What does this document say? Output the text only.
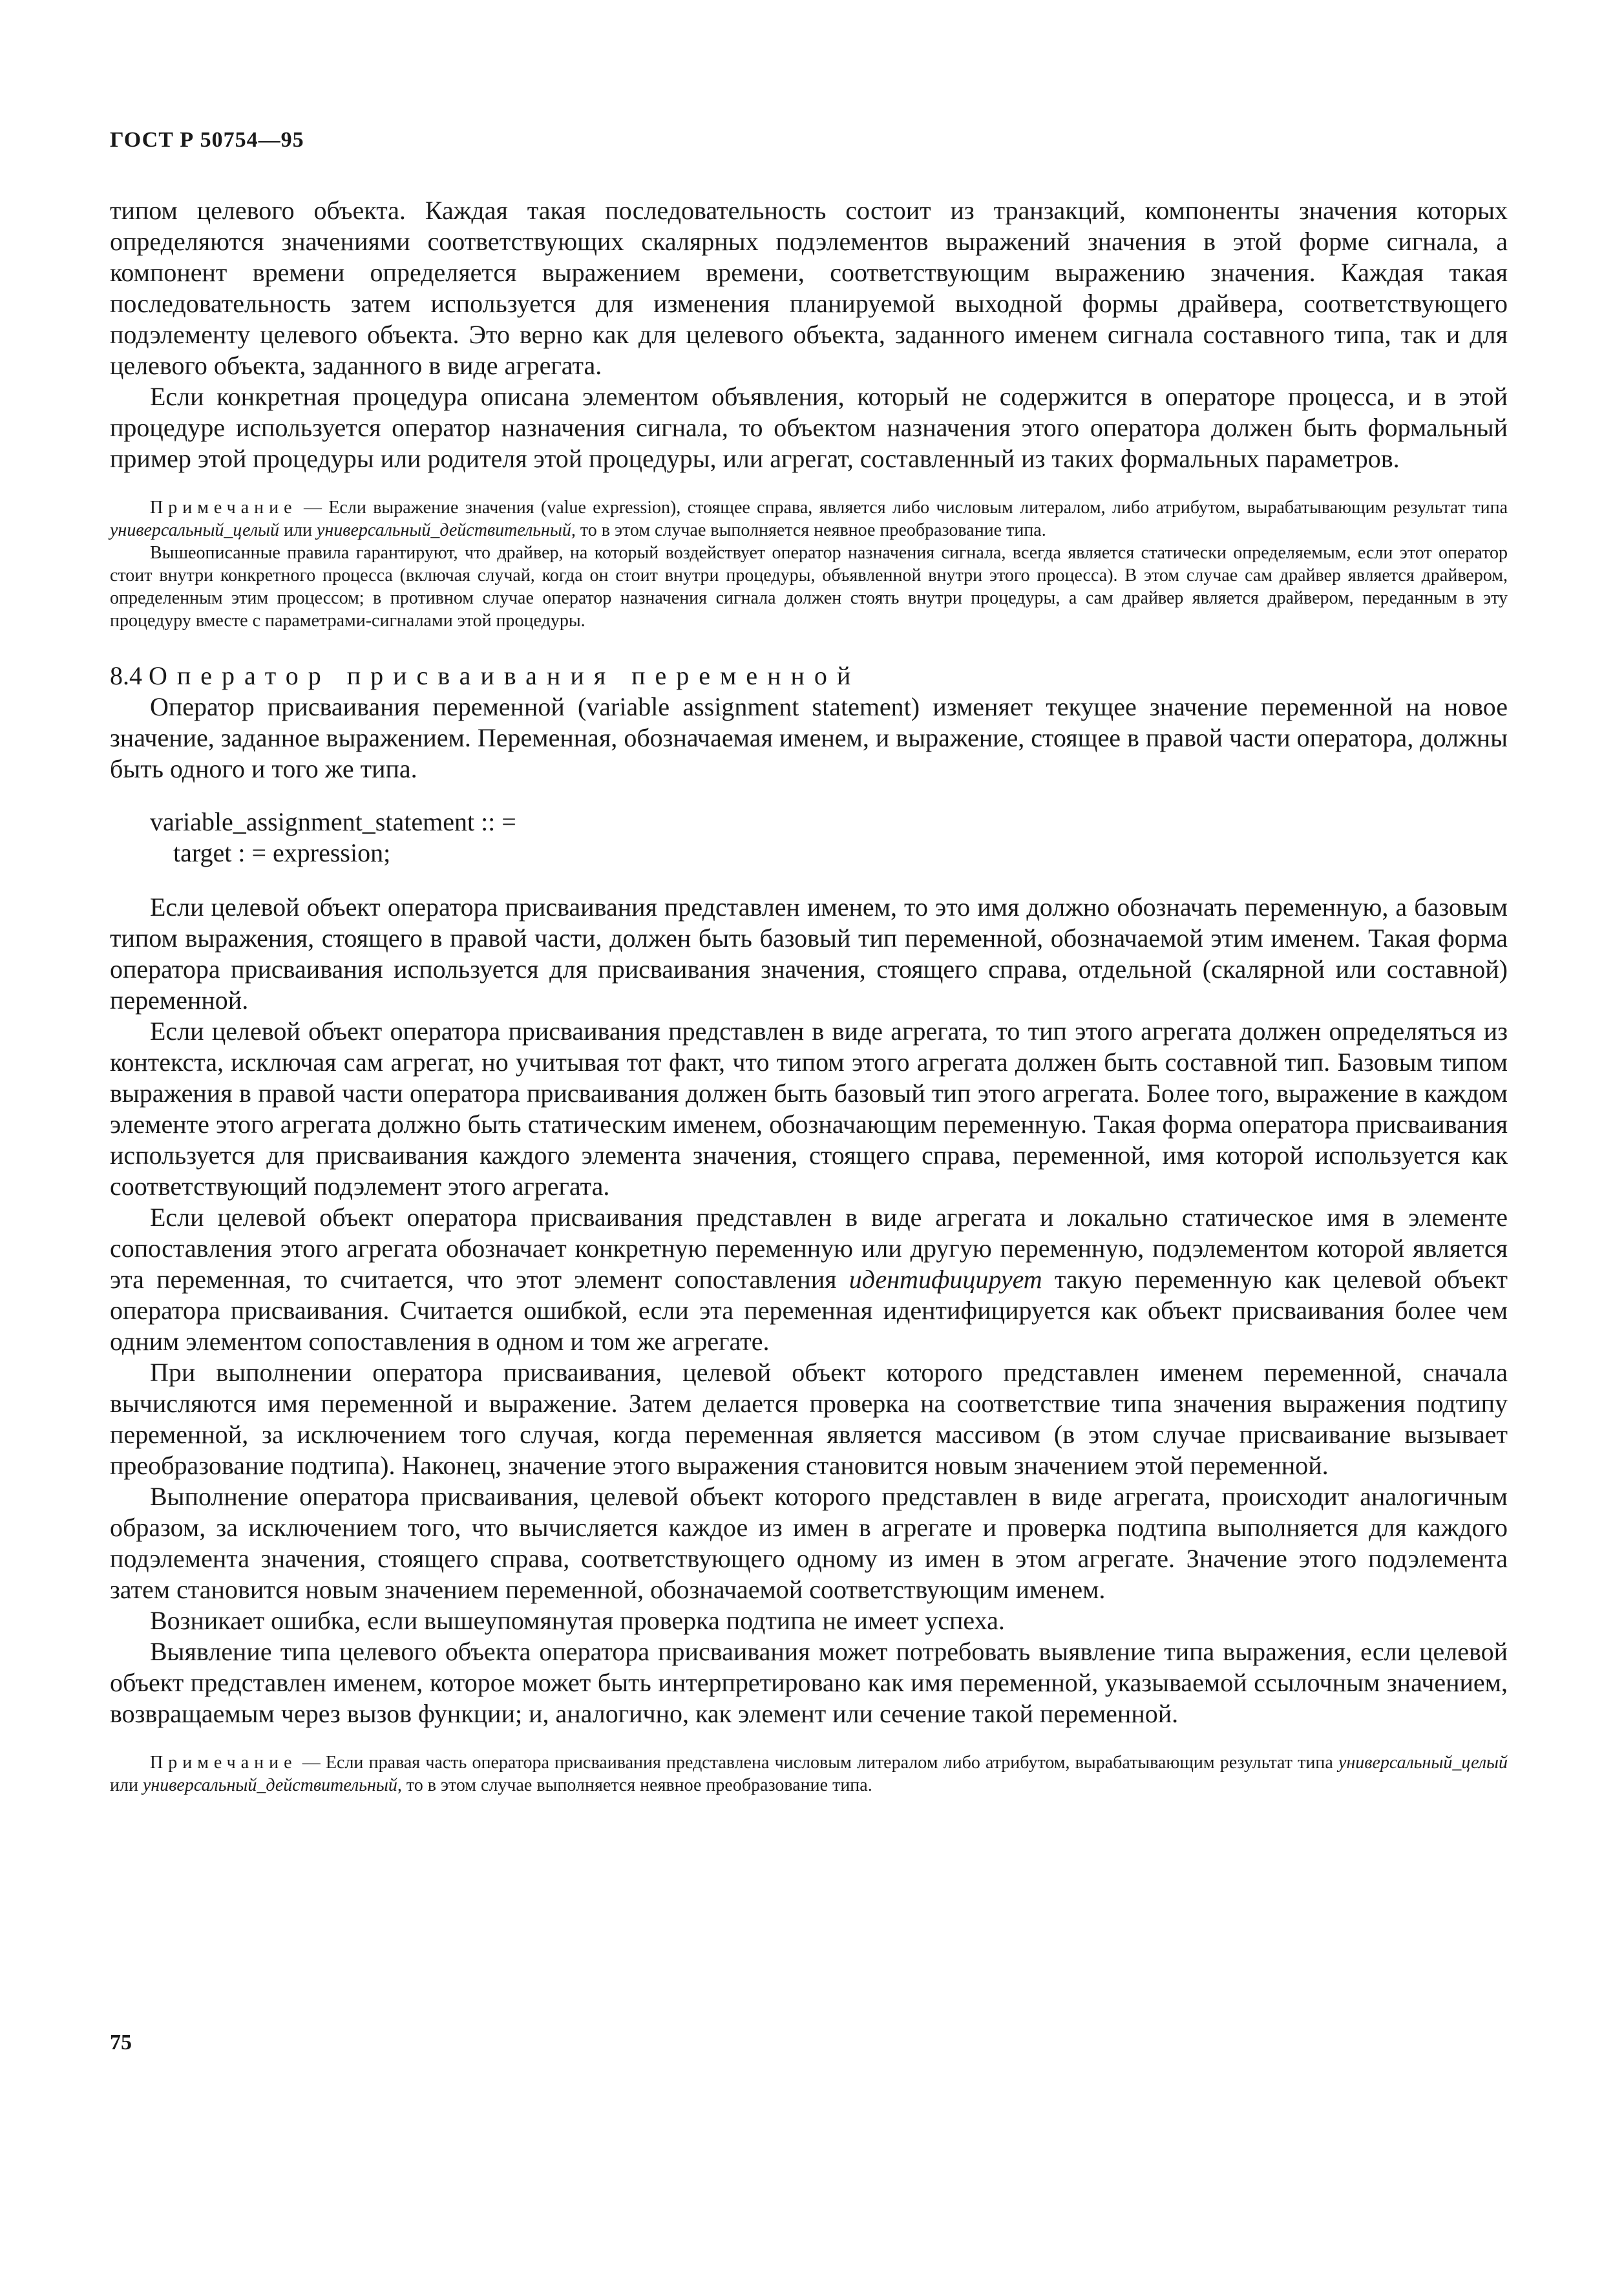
ГОСТ Р 50754—95

типом целевого объекта. Каждая такая последовательность состоит из транзакций, компоненты значения которых определяются значениями соответствующих скалярных подэлементов выражений значения в этой форме сигнала, а компонент времени определяется выражением времени, соответствующим выражению значения. Каждая такая последовательность затем используется для изменения планируемой выходной формы драйвера, соответствующего подэлементу целевого объекта. Это верно как для целевого объекта, заданного именем сигнала составного типа, так и для целевого объекта, заданного в виде агрегата.

Если конкретная процедура описана элементом объявления, который не содержится в операторе процесса, и в этой процедуре используется оператор назначения сигнала, то объектом назначения этого оператора должен быть формальный пример этой процедуры или родителя этой процедуры, или агрегат, составленный из таких формальных параметров.

Примечание — Если выражение значения (value expression), стоящее справа, является либо числовым литералом, либо атрибутом, вырабатывающим результат типа универсальный_целый или универсальный_действительный, то в этом случае выполняется неявное преобразование типа.

Вышеописанные правила гарантируют, что драйвер, на который воздействует оператор назначения сигнала, всегда является статически определяемым, если этот оператор стоит внутри конкретного процесса (включая случай, когда он стоит внутри процедуры, объявленной внутри этого процесса). В этом случае сам драйвер является драйвером, определенным этим процессом; в противном случае оператор назначения сигнала должен стоять внутри процедуры, а сам драйвер является драйвером, переданным в эту процедуру вместе с параметрами-сигналами этой процедуры.

8.4 Оператор присваивания переменной

Оператор присваивания переменной (variable assignment statement) изменяет текущее значение переменной на новое значение, заданное выражением. Переменная, обозначаемая именем, и выражение, стоящее в правой части оператора, должны быть одного и того же типа.

variable_assignment_statement :: =
target : = expression;

Если целевой объект оператора присваивания представлен именем, то это имя должно обозначать переменную, а базовым типом выражения, стоящего в правой части, должен быть базовый тип переменной, обозначаемой этим именем. Такая форма оператора присваивания используется для присваивания значения, стоящего справа, отдельной (скалярной или составной) переменной.

Если целевой объект оператора присваивания представлен в виде агрегата, то тип этого агрегата должен определяться из контекста, исключая сам агрегат, но учитывая тот факт, что типом этого агрегата должен быть составной тип. Базовым типом выражения в правой части оператора присваивания должен быть базовый тип этого агрегата. Более того, выражение в каждом элементе этого агрегата должно быть статическим именем, обозначающим переменную. Такая форма оператора присваивания используется для присваивания каждого элемента значения, стоящего справа, переменной, имя которой используется как соответствующий подэлемент этого агрегата.

Если целевой объект оператора присваивания представлен в виде агрегата и локально статическое имя в элементе сопоставления этого агрегата обозначает конкретную переменную или другую переменную, подэлементом которой является эта переменная, то считается, что этот элемент сопоставления идентифицирует такую переменную как целевой объект оператора присваивания. Считается ошибкой, если эта переменная идентифицируется как объект присваивания более чем одним элементом сопоставления в одном и том же агрегате.

При выполнении оператора присваивания, целевой объект которого представлен именем переменной, сначала вычисляются имя переменной и выражение. Затем делается проверка на соответствие типа значения выражения подтипу переменной, за исключением того случая, когда переменная является массивом (в этом случае присваивание вызывает преобразование подтипа). Наконец, значение этого выражения становится новым значением этой переменной.

Выполнение оператора присваивания, целевой объект которого представлен в виде агрегата, происходит аналогичным образом, за исключением того, что вычисляется каждое из имен в агрегате и проверка подтипа выполняется для каждого подэлемента значения, стоящего справа, соответствующего одному из имен в этом агрегате. Значение этого подэлемента затем становится новым значением переменной, обозначаемой соответствующим именем.

Возникает ошибка, если вышеупомянутая проверка подтипа не имеет успеха.

Выявление типа целевого объекта оператора присваивания может потребовать выявление типа выражения, если целевой объект представлен именем, которое может быть интерпретировано как имя переменной, указываемой ссылочным значением, возвращаемым через вызов функции; и, аналогично, как элемент или сечение такой переменной.

Примечание — Если правая часть оператора присваивания представлена числовым литералом либо атрибутом, вырабатывающим результат типа универсальный_целый или универсальный_действительный, то в этом случае выполняется неявное преобразование типа.

75
